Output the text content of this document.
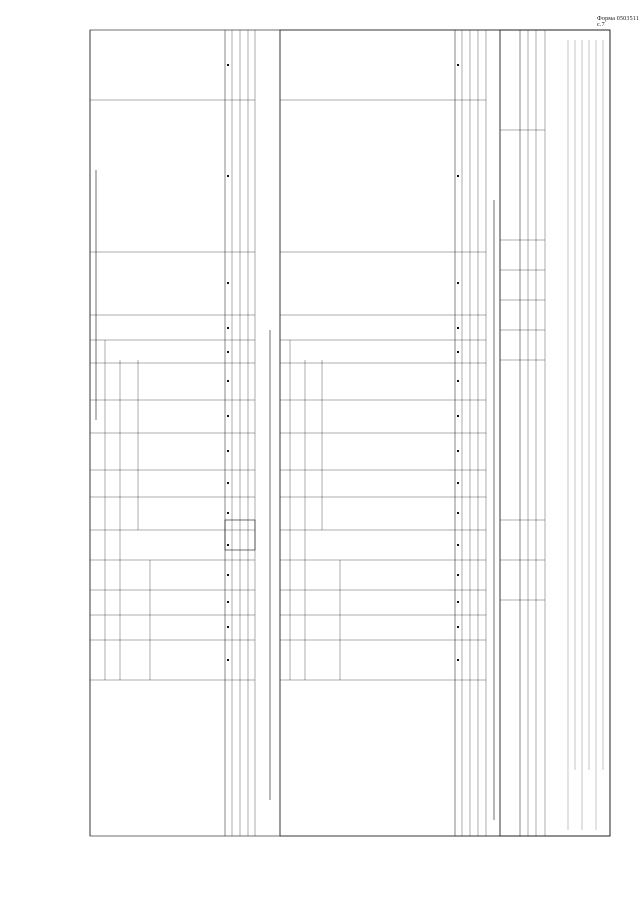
Форма 0503511 с.7
